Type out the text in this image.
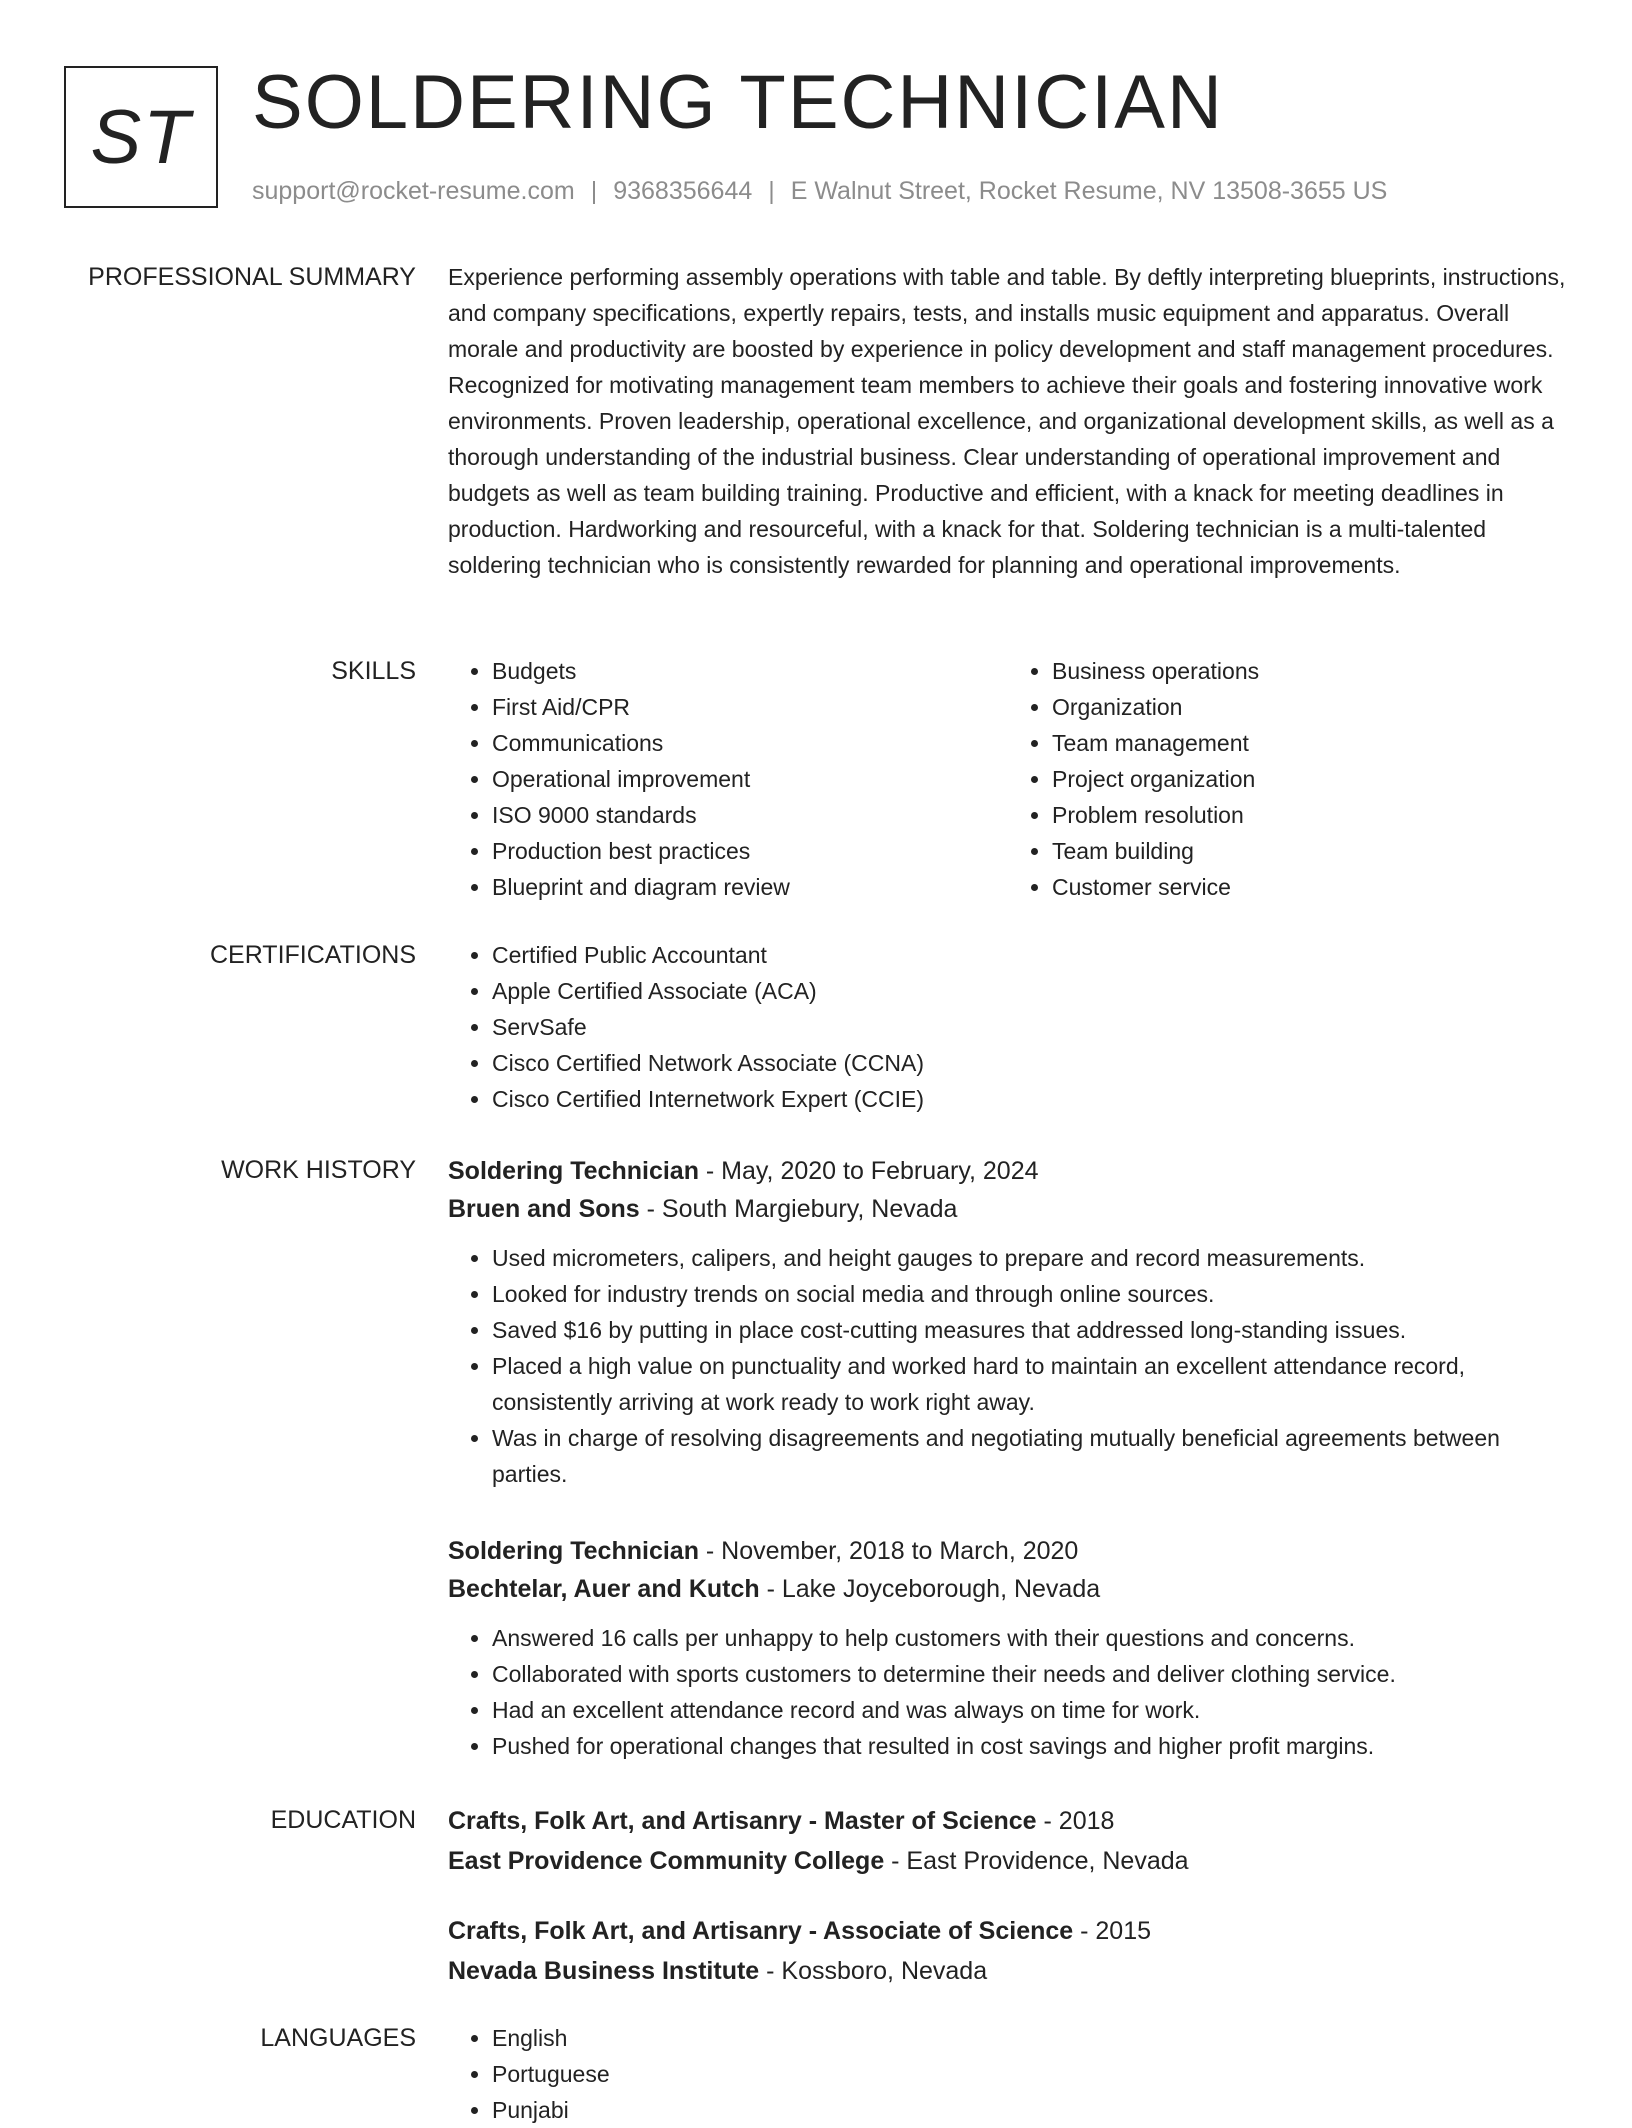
ST SOLDERING TECHNICIAN
support@rocket-resume.com | 9368356644 | E Walnut Street, Rocket Resume, NV 13508-3655 US
PROFESSIONAL SUMMARY Experience performing assembly operations with table and table. By deftly interpreting blueprints, instructions, and company specifications, expertly repairs, tests, and installs music equipment and apparatus. Overall morale and productivity are boosted by experience in policy development and staff management procedures. Recognized for motivating management team members to achieve their goals and fostering innovative work environments. Proven leadership, operational excellence, and organizational development skills, as well as a thorough understanding of the industrial business. Clear understanding of operational improvement and budgets as well as team building training. Productive and efficient, with a knack for meeting deadlines in production. Hardworking and resourceful, with a knack for that. Soldering technician is a multi-talented soldering technician who is consistently rewarded for planning and operational improvements.

SKILLS	• Budgets
• First Aid/CPR
• Communications
• Operational improvement
• ISO 9000 standards
• Production best practices
• Blueprint and diagram review
• Business operations
• Organization
• Team management
• Project organization
• Problem resolution
• Team building
• Customer service
CERTIFICATIONS	• Certified Public Accountant
• Apple Certified Associate (ACA)
• ServSafe
• Cisco Certified Network Associate (CCNA)
• Cisco Certified Internetwork Expert (CCIE)
WORK HISTORY Soldering Technician - May, 2020 to February, 2024
Bruen and Sons - South Margiebury, Nevada
• Used micrometers, calipers, and height gauges to prepare and record measurements.
• Looked for industry trends on social media and through online sources.
• Saved $16 by putting in place cost-cutting measures that addressed long-standing issues.
• Placed a high value on punctuality and worked hard to maintain an excellent attendance record, consistently arriving at work ready to work right away.
• Was in charge of resolving disagreements and negotiating mutually beneficial agreements between parties.
Soldering Technician - November, 2018 to March, 2020
Bechtelar, Auer and Kutch - Lake Joyceborough, Nevada
• Answered 16 calls per unhappy to help customers with their questions and concerns.
• Collaborated with sports customers to determine their needs and deliver clothing service.
• Had an excellent attendance record and was always on time for work.
• Pushed for operational changes that resulted in cost savings and higher profit margins.
EDUCATION Crafts, Folk Art, and Artisanry - Master of Science - 2018
East Providence Community College - East Providence, Nevada
Crafts, Folk Art, and Artisanry - Associate of Science - 2015
Nevada Business Institute - Kossboro, Nevada
LANGUAGES	• English
• Portuguese
• Punjabi
